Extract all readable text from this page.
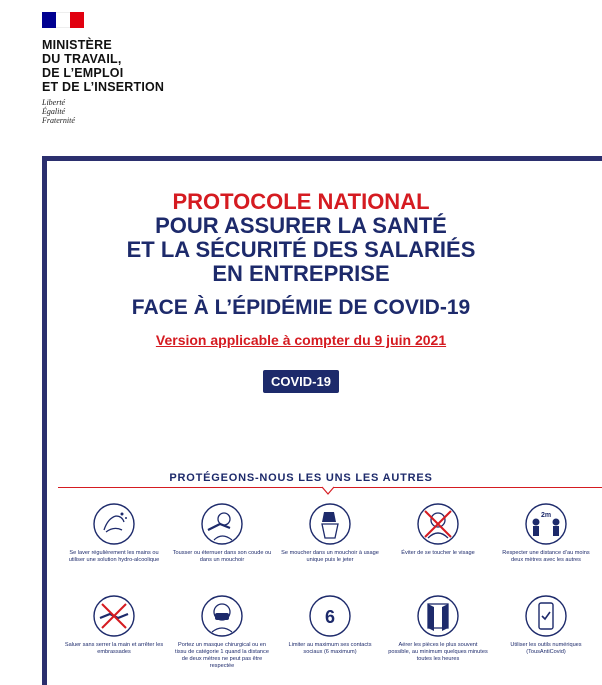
MINISTÈRE
DU TRAVAIL,
DE L’EMPLOI
ET DE L’INSERTION
Liberté
Égalité
Fraternité
PROTOCOLE NATIONAL
POUR ASSURER LA SANTÉ
ET LA SÉCURITÉ DES SALARIÉS
EN ENTREPRISE
FACE À L’ÉPIDÉMIE DE COVID-19
Version applicable à compter du 9 juin 2021
COVID-19
PROTÉGEONS-NOUS LES UNS LES AUTRES
Se laver régulièrement les mains ou utiliser une solution hydro-alcoolique
Tousser ou éternuer dans son coude ou dans un mouchoir
Se moucher dans un mouchoir à usage unique puis le jeter
Éviter de se toucher le visage
2m
Respecter une distance d’au moins deux mètres avec les autres
Saluer sans serrer la main et arrêter les embrassades
Portez un masque chirurgical ou en tissu de catégorie 1 quand la distance de deux mètres ne peut pas être respectée
6
Limiter au maximum ses contacts sociaux (6 maximum)
Aérer les pièces le plus souvent possible, au minimum quelques minutes toutes les heures
Utiliser les outils numériques (TousAntiCovid)
